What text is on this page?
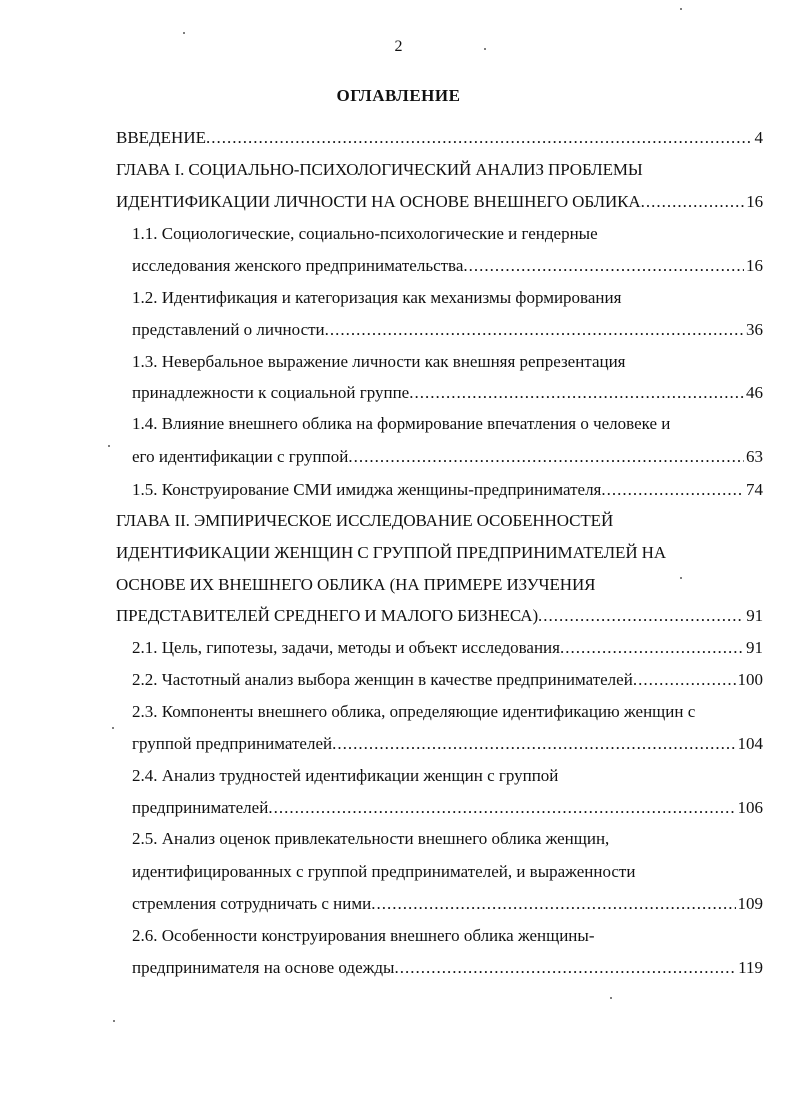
2
ОГЛАВЛЕНИЕ
ВВЕДЕНИЕ .....	4
ГЛАВА I. СОЦИАЛЬНО-ПСИХОЛОГИЧЕСКИЙ АНАЛИЗ ПРОБЛЕМЫ
ИДЕНТИФИКАЦИИ ЛИЧНОСТИ НА ОСНОВЕ ВНЕШНЕГО ОБЛИКА .....	16
1.1. Социологические, социально-психологические и гендерные
исследования женского предпринимательства .....	16
1.2. Идентификация и категоризация как механизмы формирования
представлений о личности .....	36
1.3. Невербальное выражение личности как внешняя репрезентация
принадлежности к социальной группе .....	46
1.4. Влияние внешнего облика на формирование впечатления о человеке и
его идентификации с группой .....	63
1.5. Конструирование СМИ имиджа женщины-предпринимателя .....	74
ГЛАВА II. ЭМПИРИЧЕСКОЕ ИССЛЕДОВАНИЕ ОСОБЕННОСТЕЙ
ИДЕНТИФИКАЦИИ ЖЕНЩИН С ГРУППОЙ ПРЕДПРИНИМАТЕЛЕЙ НА
ОСНОВЕ ИХ ВНЕШНЕГО ОБЛИКА (НА ПРИМЕРЕ ИЗУЧЕНИЯ
ПРЕДСТАВИТЕЛЕЙ СРЕДНЕГО И МАЛОГО БИЗНЕСА) .....	91
2.1. Цель, гипотезы, задачи, методы и объект исследования .....	91
2.2. Частотный анализ выбора женщин в качестве предпринимателей .....	100
2.3. Компоненты внешнего облика, определяющие идентификацию женщин с
группой предпринимателей .....	104
2.4. Анализ трудностей идентификации женщин с группой
предпринимателей .....	106
2.5. Анализ оценок привлекательности внешнего облика женщин,
идентифицированных с группой предпринимателей, и выраженности
стремления сотрудничать с ними .....	109
2.6. Особенности конструирования внешнего облика женщины-
предпринимателя на основе одежды .....	119
